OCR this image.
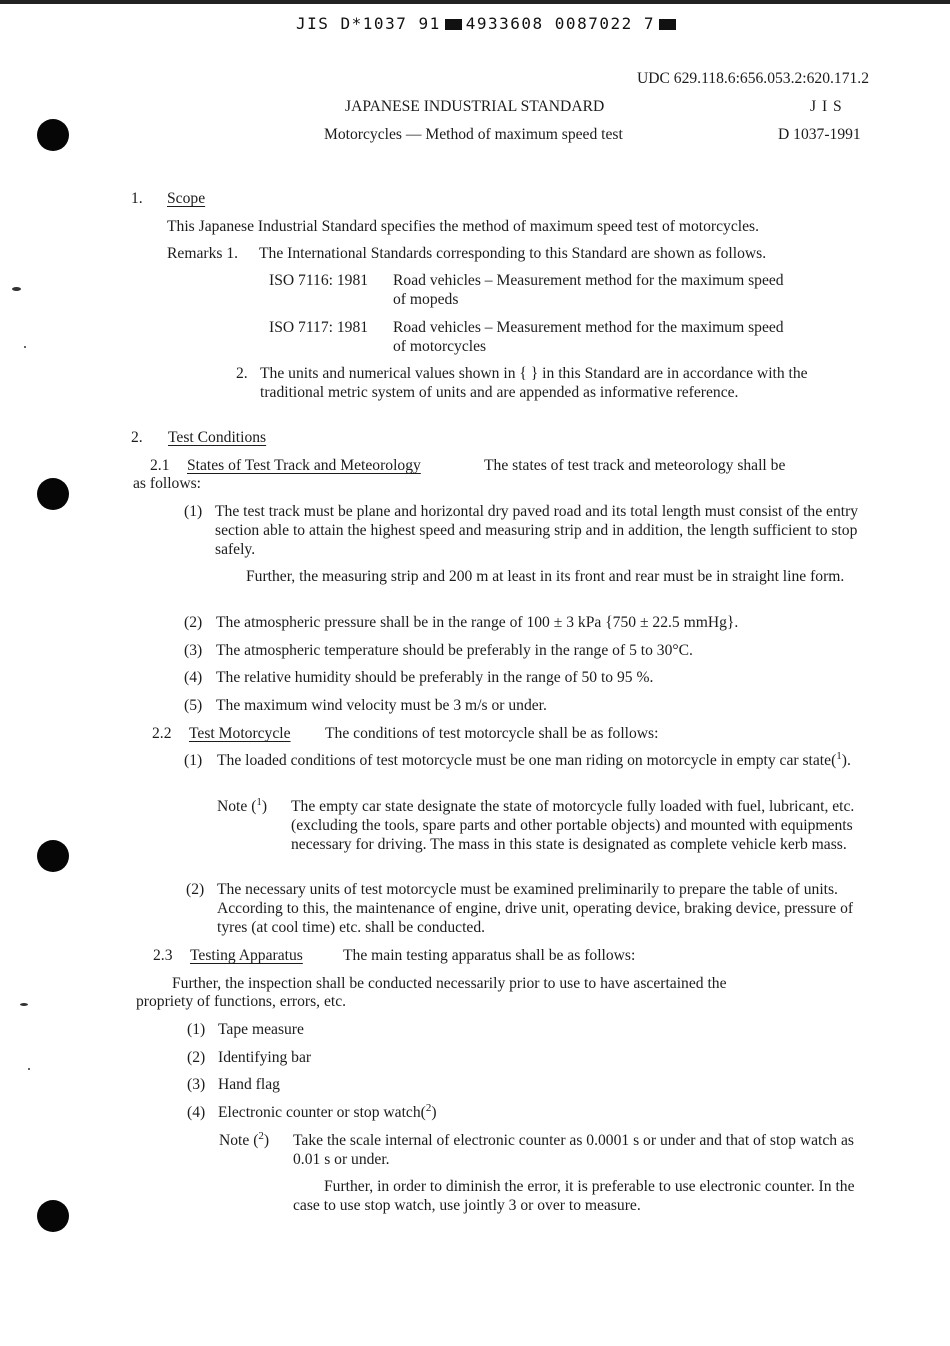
JIS D*1037 91 4933608 0087022 7
UDC 629.118.6:656.053.2:620.171.2
JAPANESE INDUSTRIAL STANDARD	J I S
Motorcycles — Method of maximum speed test	D 1037-1991
1. Scope
This Japanese Industrial Standard specifies the method of maximum speed test of motorcycles.
Remarks 1. The International Standards corresponding to this Standard are shown as follows.
ISO 7116: 1981 Road vehicles – Measurement method for the maximum speed
of mopeds
ISO 7117: 1981 Road vehicles – Measurement method for the maximum speed
of motorcycles
2. The units and numerical values shown in { } in this Standard are in accordance with the traditional metric system of units and are appended as informative reference.
2. Test Conditions
2.1 States of Test Track and Meteorology	The states of test track and meteorology shall be
as follows:
(1) The test track must be plane and horizontal dry paved road and its total length must consist of the entry section able to attain the highest speed and measuring strip and in addition, the length sufficient to stop safely.
Further, the measuring strip and 200 m at least in its front and rear must be in straight line form.
(2) The atmospheric pressure shall be in the range of 100 ± 3 kPa {750 ± 22.5 mmHg}.
(3) The atmospheric temperature should be preferably in the range of 5 to 30°C.
(4) The relative humidity should be preferably in the range of 50 to 95 %.
(5) The maximum wind velocity must be 3 m/s or under.
2.2 Test Motorcycle The conditions of test motorcycle shall be as follows:
(1) The loaded conditions of test motorcycle must be one man riding on motorcycle in empty car state($^1$).
Note ($^1$) The empty car state designate the state of motorcycle fully loaded with fuel, lubricant, etc. (excluding the tools, spare parts and other portable objects) and mounted with equipments necessary for driving. The mass in this state is designated as complete vehicle kerb mass.
(2) The necessary units of test motorcycle must be examined preliminarily to prepare the table of units. According to this, the maintenance of engine, drive unit, operating device, braking device, pressure of tyres (at cool time) etc. shall be conducted.
2.3 Testing Apparatus	The main testing apparatus shall be as follows:
Further, the inspection shall be conducted necessarily prior to use to have ascertained the
propriety of functions, errors, etc.
(1) Tape measure
(2) Identifying bar
(3) Hand flag
(4) Electronic counter or stop watch($^2$)
Note ($^2$) Take the scale internal of electronic counter as 0.0001 s or under and that of stop watch as 0.01 s or under.
Further, in order to diminish the error, it is preferable to use electronic counter. In the case to use stop watch, use jointly 3 or over to measure.
